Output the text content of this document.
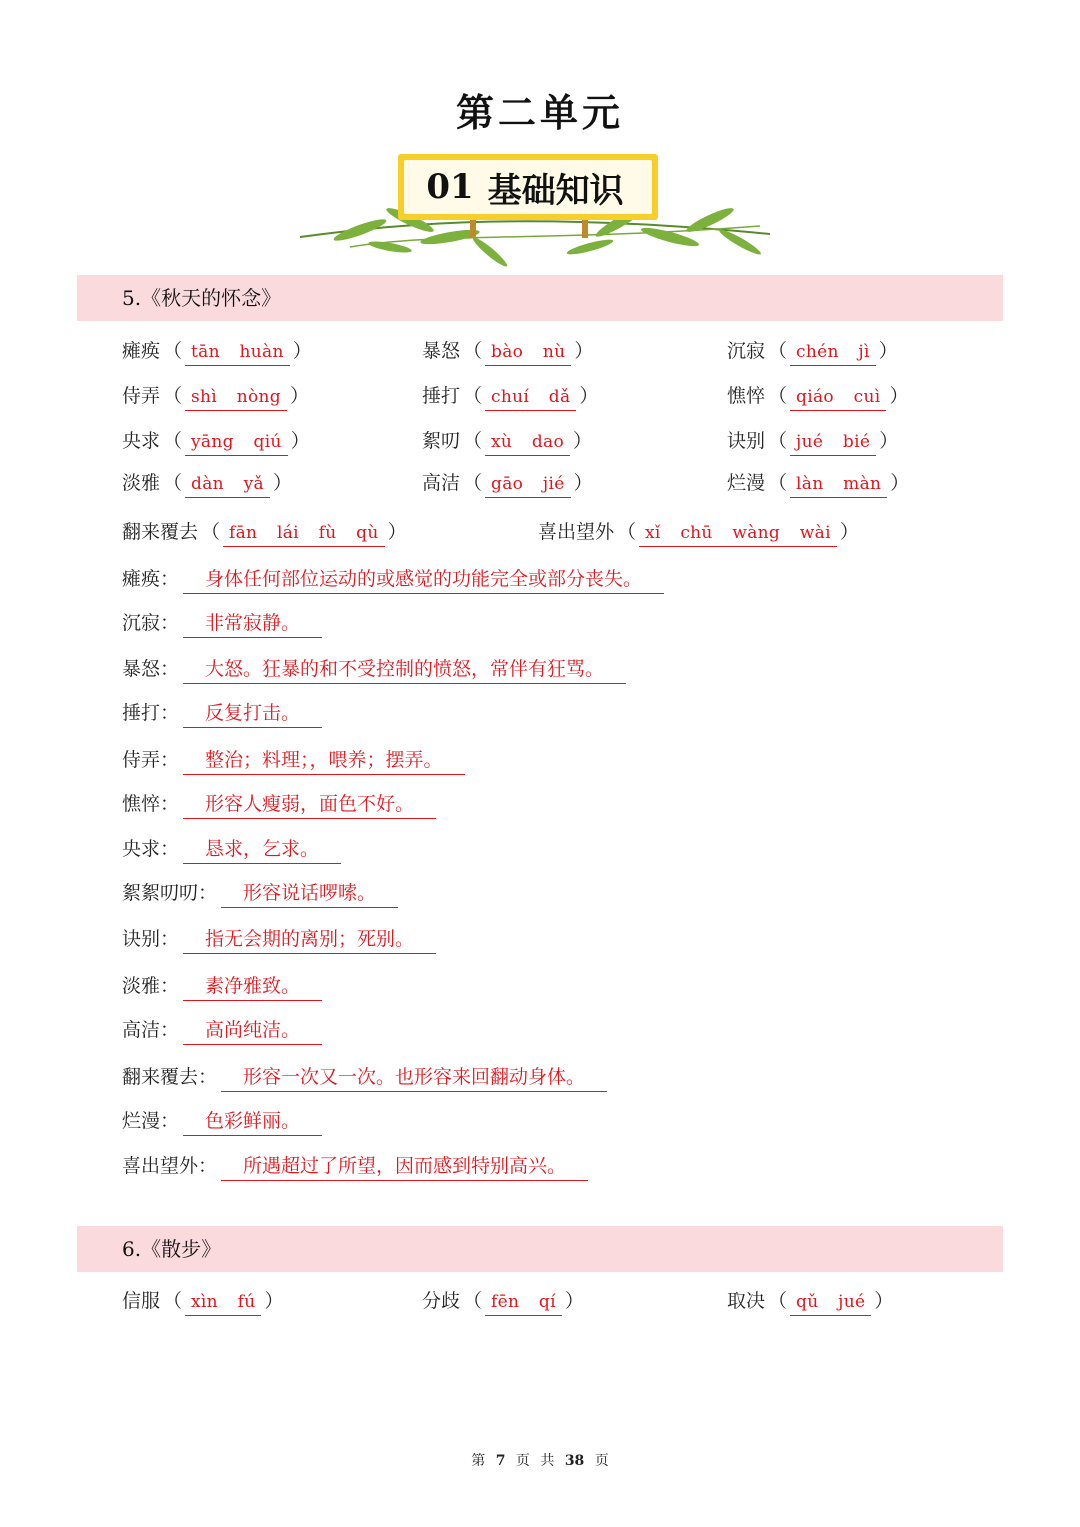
第二单元
01 基础知识
5.《秋天的怀念》
瘫痪 （ tān huàn ）	暴怒 （ bào nù ）	沉寂 （ chén jì ）
侍弄 （ shì nòng ）	捶打 （ chuí dǎ ）	憔悴 （ qiáo cuì ）
央求 （ yāng qiú ）	絮叨 （ xù dao ）	诀别 （ jué bié ）
淡雅 （ dàn yǎ ）	高洁 （ gāo jié ）	烂漫 （ làn màn ）
翻来覆去 （ fān lái fù qù ）	喜出望外 （ xǐ chū wàng wài ）
瘫痪： 身体任何部位运动的或感觉的功能完全或部分丧失。
沉寂： 非常寂静。
暴怒： 大怒。狂暴的和不受控制的愤怒，常伴有狂骂。
捶打： 反复打击。
侍弄： 整治；料理；，喂养；摆弄。
憔悴： 形容人瘦弱，面色不好。
央求： 恳求，乞求。
絮絮叨叨： 形容说话啰嗦。
诀别： 指无会期的离别；死别。
淡雅： 素净雅致。
高洁： 高尚纯洁。
翻来覆去： 形容一次又一次。也形容来回翻动身体。
烂漫： 色彩鲜丽。
喜出望外： 所遇超过了所望，因而感到特别高兴。
6.《散步》
信服 （ xìn fú ）	分歧 （ fēn qí ）	取决 （ qǔ jué ）
第 7 页 共 38 页
